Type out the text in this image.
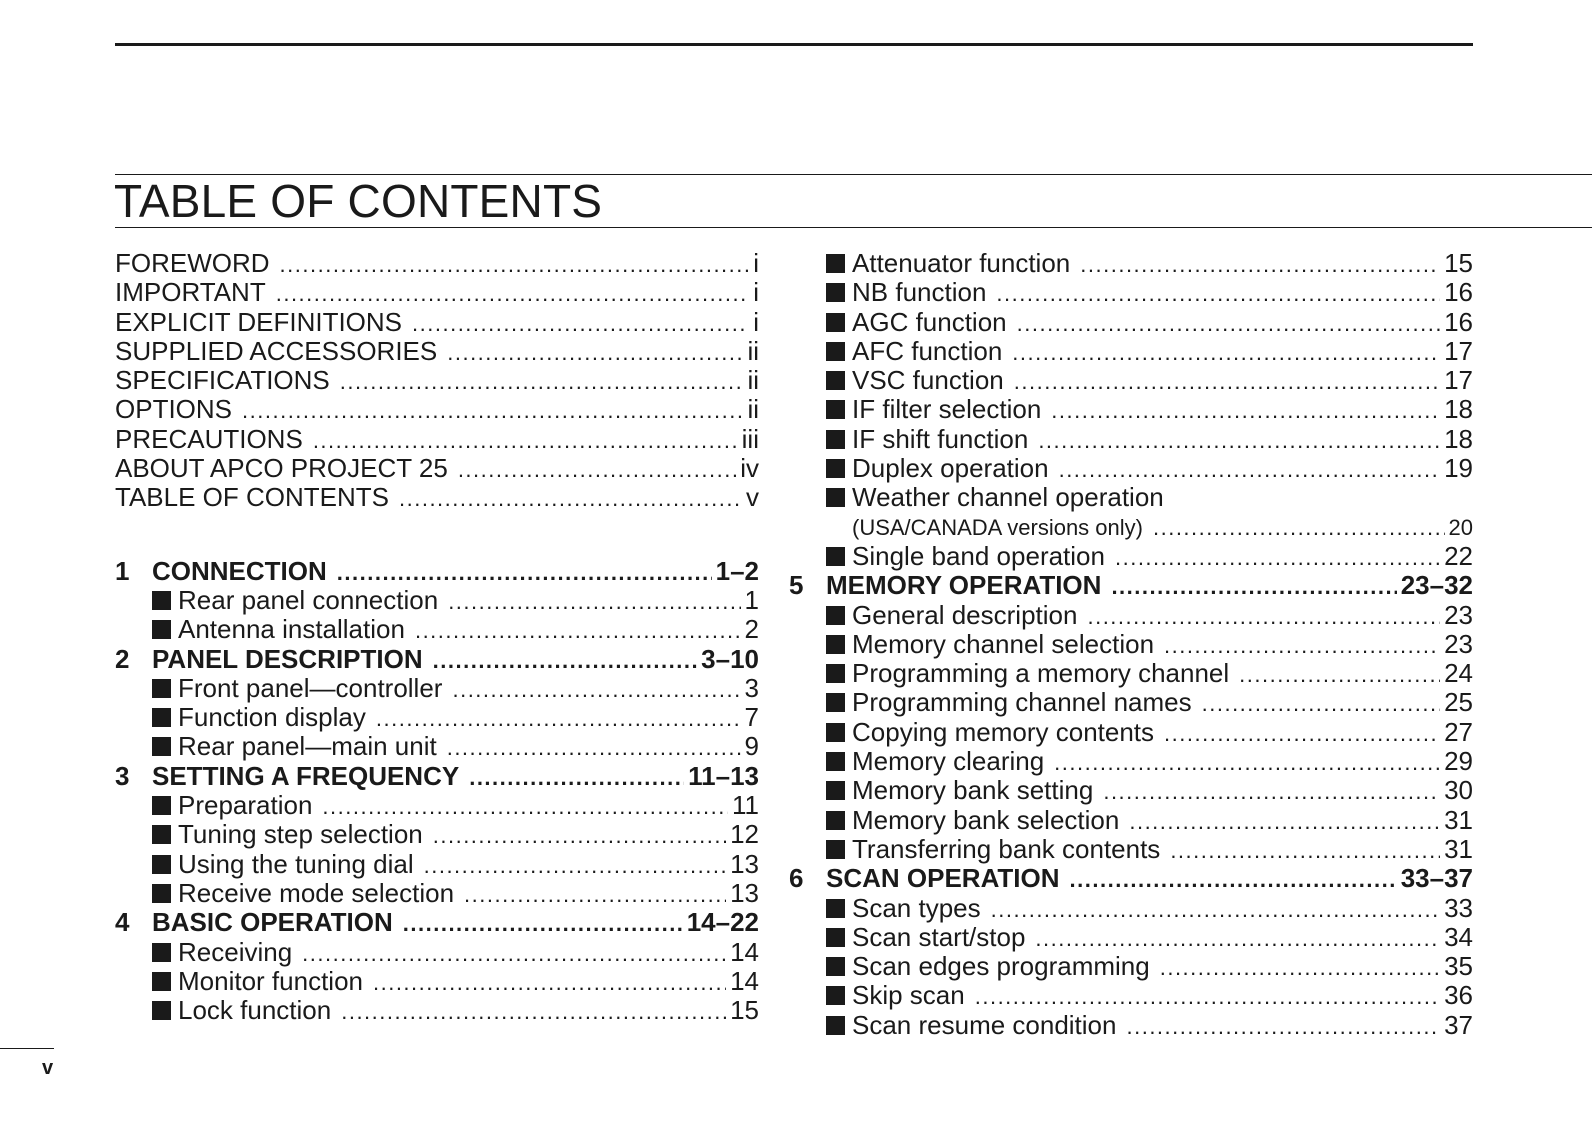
TABLE OF CONTENTS
FOREWORD .....	i
IMPORTANT .....	i
EXPLICIT DEFINITIONS .....	i
SUPPLIED ACCESSORIES .....	ii
SPECIFICATIONS .....	ii
OPTIONS .....	ii
PRECAUTIONS .....	iii
ABOUT APCO PROJECT 25 .....	iv
TABLE OF CONTENTS .....	v
1 CONNECTION .....	1–2
Rear panel connection .....	1
Antenna installation .....	2
2 PANEL DESCRIPTION .....	3–10
Front panel—controller .....	3
Function display .....	7
Rear panel—main unit .....	9
3 SETTING A FREQUENCY .....	11–13
Preparation .....	11
Tuning step selection .....	12
Using the tuning dial .....	13
Receive mode selection .....	13
4 BASIC OPERATION .....	14–22
Receiving .....	14
Monitor function .....	14
Lock function .....	15
Attenuator function .....	15
NB function .....	16
AGC function .....	16
AFC function .....	17
VSC function .....	17
IF ﬁlter selection .....	18
IF shift function .....	18
Duplex operation .....	19
Weather channel operation
(USA/CANADA versions only) .....	20
Single band operation .....	22
5 MEMORY OPERATION .....	23–32
General description .....	23
Memory channel selection .....	23
Programming a memory channel .....	24
Programming channel names .....	25
Copying memory contents .....	27
Memory clearing .....	29
Memory bank setting .....	30
Memory bank selection .....	31
Transferring bank contents .....	31
6 SCAN OPERATION .....	33–37
Scan types .....	33
Scan start/stop .....	34
Scan edges programming .....	35
Skip scan .....	36
Scan resume condition .....	37
v
